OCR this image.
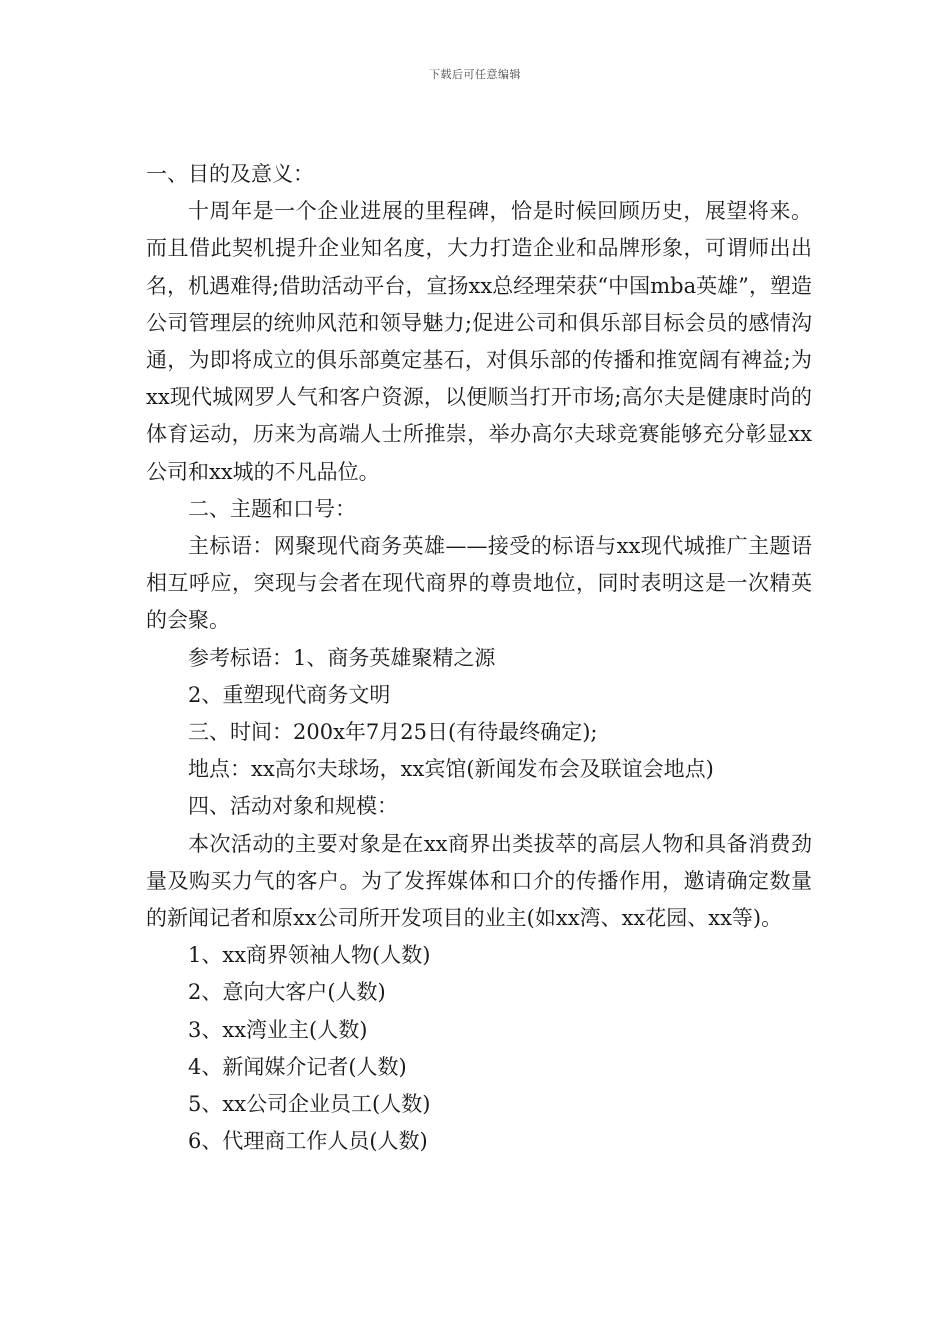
下载后可任意编辑

一、目的及意义：

十周年是一个企业进展的里程碑，恰是时候回顾历史，展望将来。而且借此契机提升企业知名度，大力打造企业和品牌形象，可谓师出出名，机遇难得;借助活动平台，宣扬xx总经理荣获“中国mba英雄”，塑造公司管理层的统帅风范和领导魅力;促进公司和俱乐部目标会员的感情沟通，为即将成立的俱乐部奠定基石，对俱乐部的传播和推宽阔有裨益;为xx现代城网罗人气和客户资源，以便顺当打开市场;高尔夫是健康时尚的体育运动，历来为高端人士所推崇，举办高尔夫球竞赛能够充分彰显xx公司和xx城的不凡品位。

二、主题和口号：

主标语：网聚现代商务英雄——接受的标语与xx现代城推广主题语相互呼应，突现与会者在现代商界的尊贵地位，同时表明这是一次精英的会聚。

参考标语：1、商务英雄聚精之源

2、重塑现代商务文明

三、时间：200x年7月25日(有待最终确定);

地点：xx高尔夫球场，xx宾馆(新闻发布会及联谊会地点)

四、活动对象和规模：

本次活动的主要对象是在xx商界出类拔萃的高层人物和具备消费劲量及购买力气的客户。为了发挥媒体和口介的传播作用，邀请确定数量的新闻记者和原xx公司所开发项目的业主(如xx湾、xx花园、xx等)。

1、xx商界领袖人物(人数)

2、意向大客户(人数)

3、xx湾业主(人数)

4、新闻媒介记者(人数)

5、xx公司企业员工(人数)

6、代理商工作人员(人数)
